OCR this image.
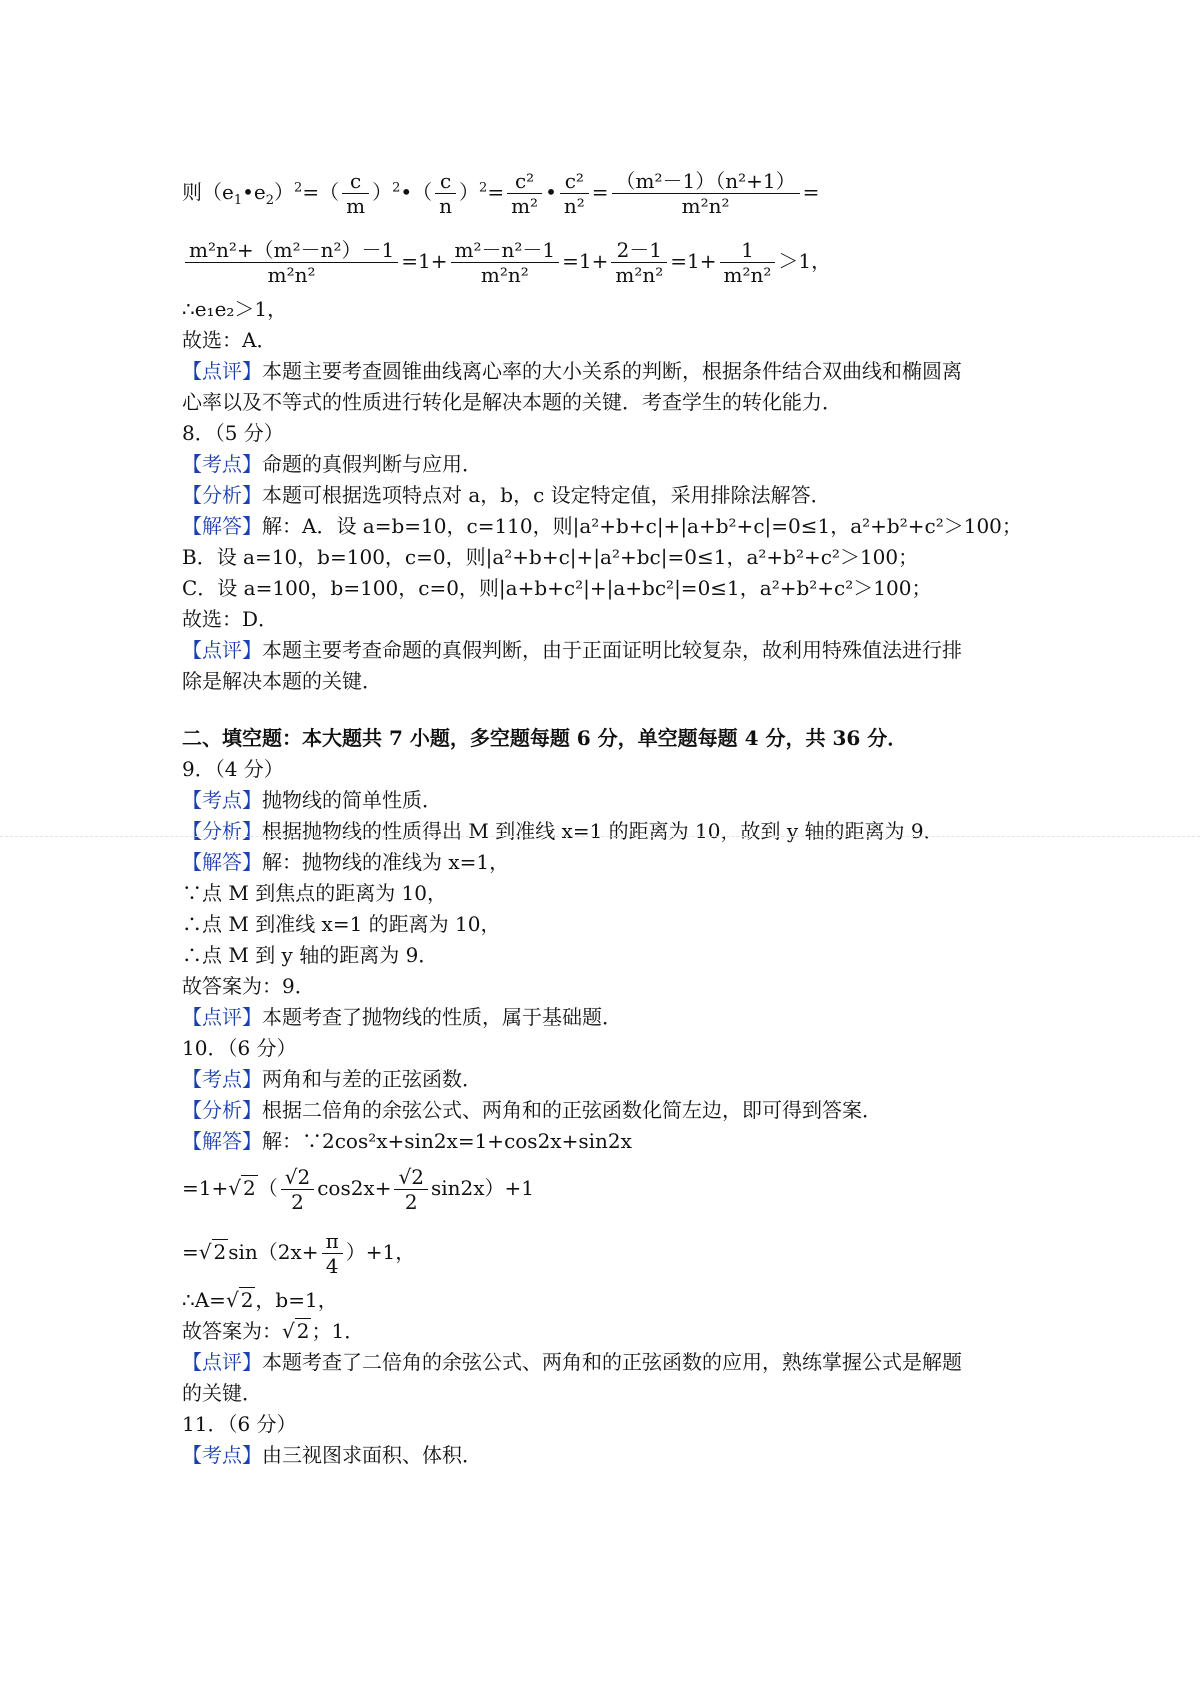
则$(e_1•e_2)^2=( \frac{c}{m}$ ）$^2$•（ $\frac{c}{n} )^2= \frac{\text{c²}}{\text{m²}}$ • $\frac{\text{c²}}{\text{n²}} = \frac{\text{（m²－1）（n²+1）}}{\text{m²n²}}$ =
$\frac{\text{m²n²+（m²－n²）－1}}{\text{m²n²}} =1+ \frac{\text{m²－n²－1}}{\text{m²n²}} =1+ \frac{2-1}{\text{m²n²}} =1+ \frac{1}{\text{m²n²}} >1$，
∴e₁e₂＞1，
故选：A．
【点评】本题主要考查圆锥曲线离心率的大小关系的判断，根据条件结合双曲线和椭圆离
心率以及不等式的性质进行转化是解决本题的关键．考查学生的转化能力．
8．（5 分）
【考点】命题的真假判断与应用．
【分析】本题可根据选项特点对 a，b，c 设定特定值，采用排除法解答．
【解答】解：A．设 a=b=10，c=110，则|a²+b+c|+|a+b²+c|=0≤1，a²+b²+c²＞100；
B．设 a=10，b=100，c=0，则|a²+b+c|+|a²+bc|=0≤1，a²+b²+c²＞100；
C．设 a=100，b=100，c=0，则|a+b+c²|+|a+bc²|=0≤1，a²+b²+c²＞100；
故选：D．
【点评】本题主要考查命题的真假判断，由于正面证明比较复杂，故利用特殊值法进行排
除是解决本题的关键．
二、填空题：本大题共 7 小题，多空题每题 6 分，单空题每题 4 分，共 36 分．
9．（4 分）
【考点】抛物线的简单性质．
【分析】根据抛物线的性质得出 M 到准线 x=1 的距离为 10，故到 y 轴的距离为 9．
【解答】解：抛物线的准线为 x=1，
∵点 M 到焦点的距离为 10，
∴点 M 到准线 x=1 的距离为 10，
∴点 M 到 y 轴的距离为 9．
故答案为：9．
【点评】本题考查了抛物线的性质，属于基础题．
10．（6 分）
【考点】两角和与差的正弦函数．
【分析】根据二倍角的余弦公式、两角和的正弦函数化简左边，即可得到答案．
【解答】解：∵2cos²x+sin2x=1+cos2x+sin2x
=1+√ 2 （ $\frac{√2}{2} \cos 2x+ \frac{√2}{2} \sin 2x)+1$
=√ 2 $\sin(2x+ \frac{\pi}{4} )+1$，
∴A=√ 2 ，b=1，
故答案为：√ 2 ；1．
【点评】本题考查了二倍角的余弦公式、两角和的正弦函数的应用，熟练掌握公式是解题
的关键．
11．（6 分）
【考点】由三视图求面积、体积．
